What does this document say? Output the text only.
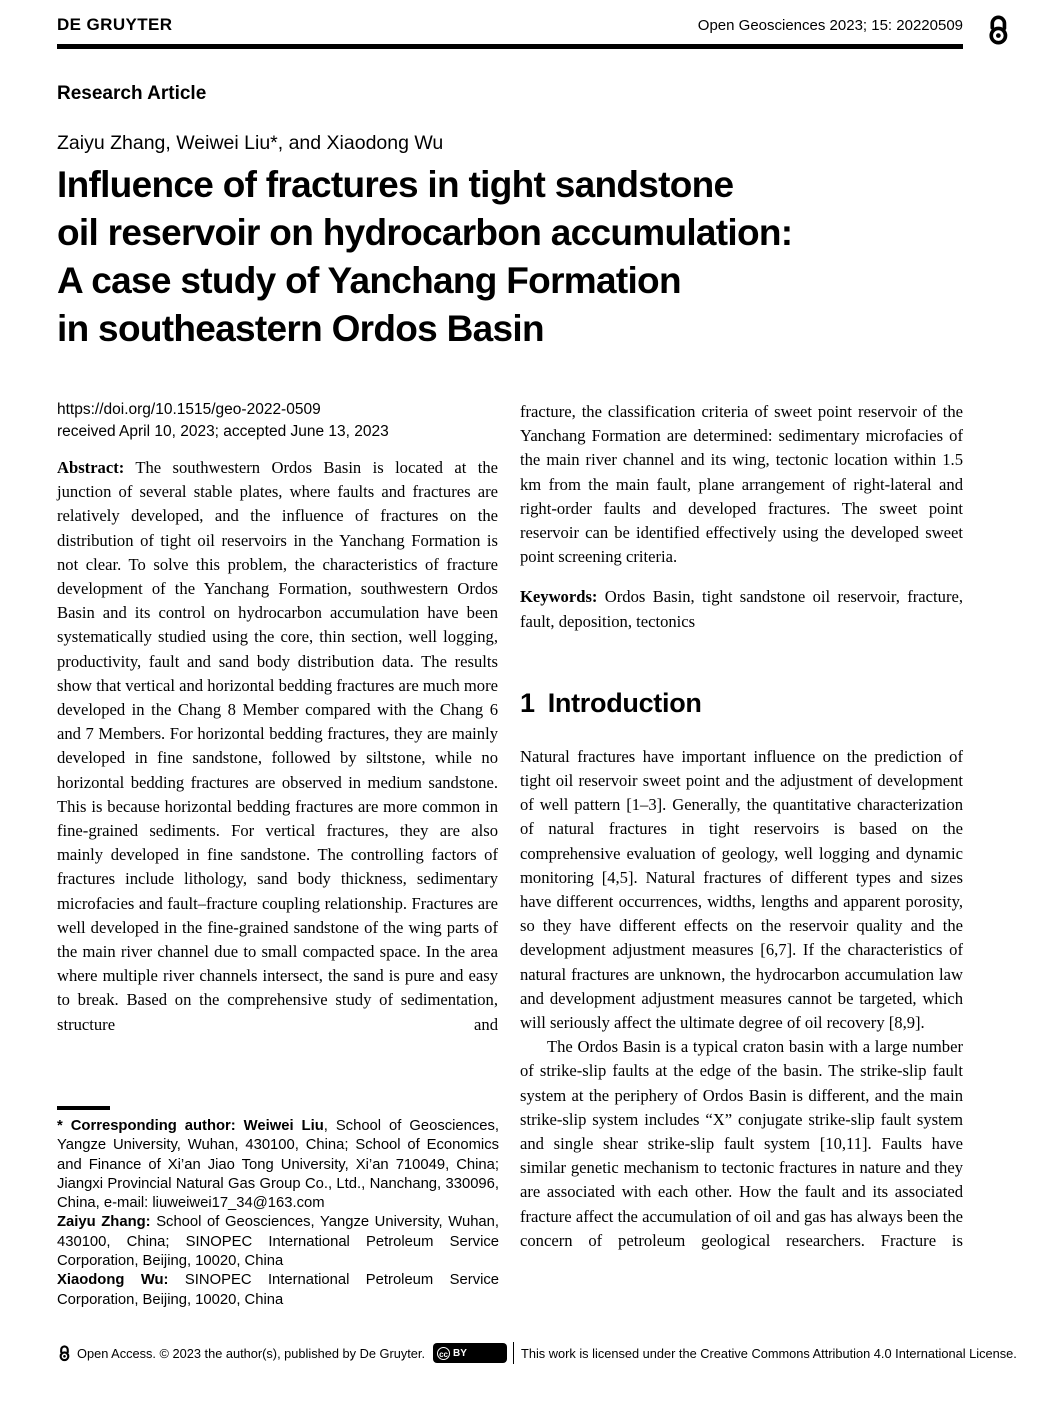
DE GRUYTER	Open Geosciences 2023; 15: 20220509
Research Article
Zaiyu Zhang, Weiwei Liu*, and Xiaodong Wu
Influence of fractures in tight sandstone
oil reservoir on hydrocarbon accumulation:
A case study of Yanchang Formation
in southeastern Ordos Basin
https://doi.org/10.1515/geo-2022-0509
received April 10, 2023; accepted June 13, 2023

Abstract: The southwestern Ordos Basin is located at the junction of several stable plates, where faults and fractures are relatively developed, and the influence of fractures on the distribution of tight oil reservoirs in the Yanchang Formation is not clear. To solve this problem, the characteristics of fracture development of the Yanchang Formation, southwestern Ordos Basin and its control on hydrocarbon accumulation have been systematically studied using the core, thin section, well logging, productivity, fault and sand body distribution data. The results show that vertical and horizontal bedding fractures are much more developed in the Chang 8 Member compared with the Chang 6 and 7 Members. For horizontal bedding fractures, they are mainly developed in fine sandstone, followed by siltstone, while no horizontal bedding fractures are observed in medium sandstone. This is because horizontal bedding fractures are more common in fine-grained sediments. For vertical fractures, they are also mainly developed in fine sandstone. The controlling factors of fractures include lithology, sand body thickness, sedimentary microfacies and fault–fracture coupling relationship. Fractures are well developed in the fine-grained sandstone of the wing parts of the main river channel due to small compacted space. In the area where multiple river channels intersect, the sand is pure and easy to break. Based on the comprehensive study of sedimentation, structure and

* Corresponding author: Weiwei Liu, School of Geosciences, Yangze University, Wuhan, 430100, China; School of Economics and Finance of Xi’an Jiao Tong University, Xi’an 710049, China; Jiangxi Provincial Natural Gas Group Co., Ltd., Nanchang, 330096, China, e-mail: liuweiwei17_34@163.com

Zaiyu Zhang: School of Geosciences, Yangze University, Wuhan, 430100, China; SINOPEC International Petroleum Service Corporation, Beijing, 10020, China

Xiaodong Wu: SINOPEC International Petroleum Service Corporation, Beijing, 10020, China

fracture, the classification criteria of sweet point reservoir of the Yanchang Formation are determined: sedimentary microfacies of the main river channel and its wing, tectonic location within 1.5 km from the main fault, plane arrangement of right-lateral and right-order faults and developed fractures. The sweet point reservoir can be identified effectively using the developed sweet point screening criteria.

Keywords: Ordos Basin, tight sandstone oil reservoir, fracture, fault, deposition, tectonics

1 Introduction

Natural fractures have important influence on the prediction of tight oil reservoir sweet point and the adjustment of development of well pattern [1–3]. Generally, the quantitative characterization of natural fractures in tight reservoirs is based on the comprehensive evaluation of geology, well logging and dynamic monitoring [4,5]. Natural fractures of different types and sizes have different occurrences, widths, lengths and apparent porosity, so they have different effects on the reservoir quality and the development adjustment measures [6,7]. If the characteristics of natural fractures are unknown, the hydrocarbon accumulation law and development adjustment measures cannot be targeted, which will seriously affect the ultimate degree of oil recovery [8,9].

The Ordos Basin is a typical craton basin with a large number of strike-slip faults at the edge of the basin. The strike-slip fault system at the periphery of Ordos Basin is different, and the main strike-slip system includes “X” conjugate strike-slip fault system and single shear strike-slip fault system [10,11]. Faults have similar genetic mechanism to tectonic fractures in nature and they are associated with each other. How the fault and its associated fracture affect the accumulation of oil and gas has always been the concern of petroleum geological researchers. Fracture is

Open Access. © 2023 the author(s), published by De Gruyter. cc BY	This work is licensed under the Creative Commons Attribution 4.0 International License.
